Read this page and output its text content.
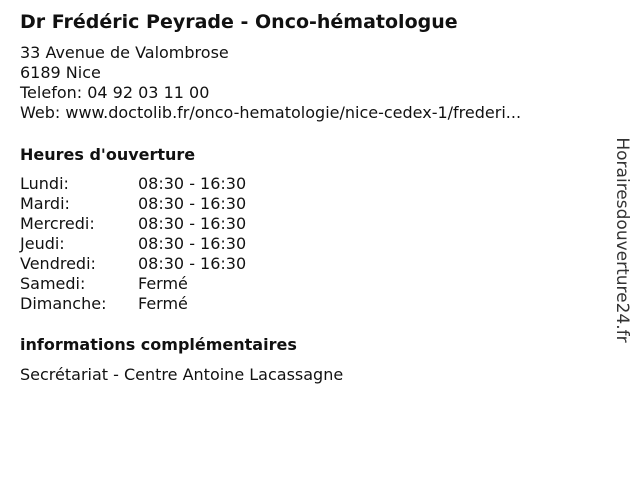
Dr Frédéric Peyrade - Onco-hématologue
33 Avenue de Valombrose
6189 Nice
Telefon: 04 92 03 11 00
Web: www.doctolib.fr/onco-hematologie/nice-cedex-1/frederi...
Heures d'ouverture
Lundi:	08:30 - 16:30
Mardi:	08:30 - 16:30
Mercredi:	08:30 - 16:30
Jeudi:	08:30 - 16:30
Vendredi:	08:30 - 16:30
Samedi:	Fermé
Dimanche:	Fermé
informations complémentaires
Secrétariat - Centre Antoine Lacassagne
Horairesdouverture24.fr
